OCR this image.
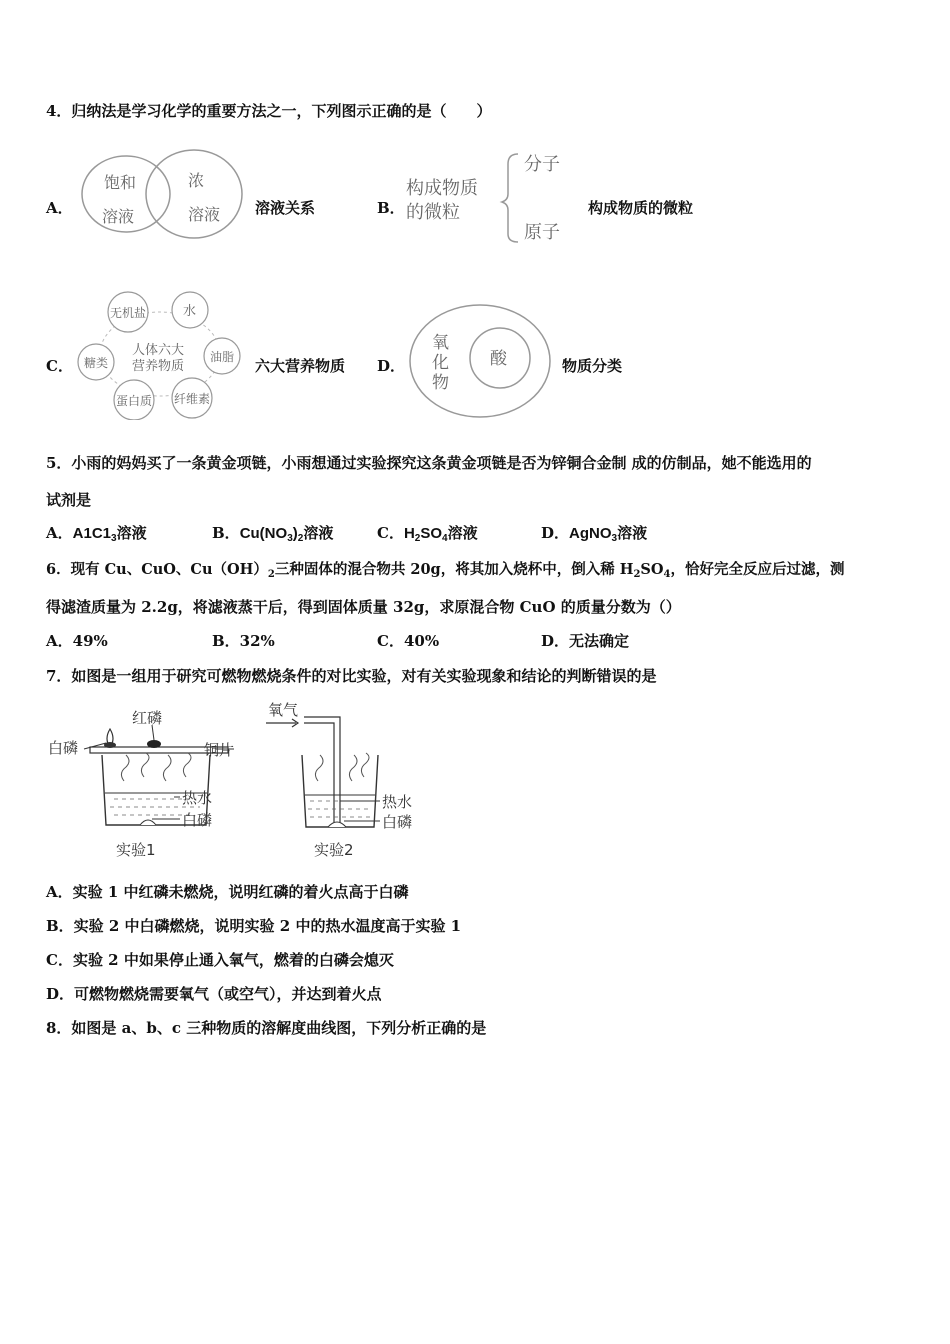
4．归纳法是学习化学的重要方法之一，下列图示正确的是（　　）
A．
饱和
溶液
浓
溶液 溶液关系	B．
构成物质
的微粒
分子
原子
构成物质的微粒
C．
无机盐	水
人体六大
营养物质
糖类	油脂
蛋白质 纤维素
六大营养物质 D．
氧
化
物
酸	物质分类
5．小雨的妈妈买了一条黄金项链，小雨想通过实验探究这条黄金项链是否为锌铜合金制 成的仿制品，她不能选用的
试剂是
A．$A1C1_3$溶液	B．$Cu(NO_3)_2$溶液	C．$H_2SO_4$溶液	D．AgNO$_3$溶液
6．现有 Cu、CuO、$Cu(OH)_2$三种固体的混合物共 20g，将其加入烧杯中，倒入稀 $H_2SO_4$，恰好完全反应后过滤，测
得滤渣质量为 2.2g，将滤液蒸干后，得到固体质量 32g，求原混合物 CuO 的质量分数为（）
A．49%	B．32%	C．40%	D．无法确定
7．如图是一组用于研究可燃物燃烧条件的对比实验，对有关实验现象和结论的判断错误的是
红磷
白磷	铜片
热水
白磷
实验1
氧气
热水
白磷
实验2
A．实验 1 中红磷未燃烧，说明红磷的着火点高于白磷
B．实验 2 中白磷燃烧，说明实验 2 中的热水温度高于实验 1
C．实验 2 中如果停止通入氧气，燃着的白磷会熄灭
D．可燃物燃烧需要氧气（或空气），并达到着火点
8．如图是 a、b、c 三种物质的溶解度曲线图，下列分析正确的是
